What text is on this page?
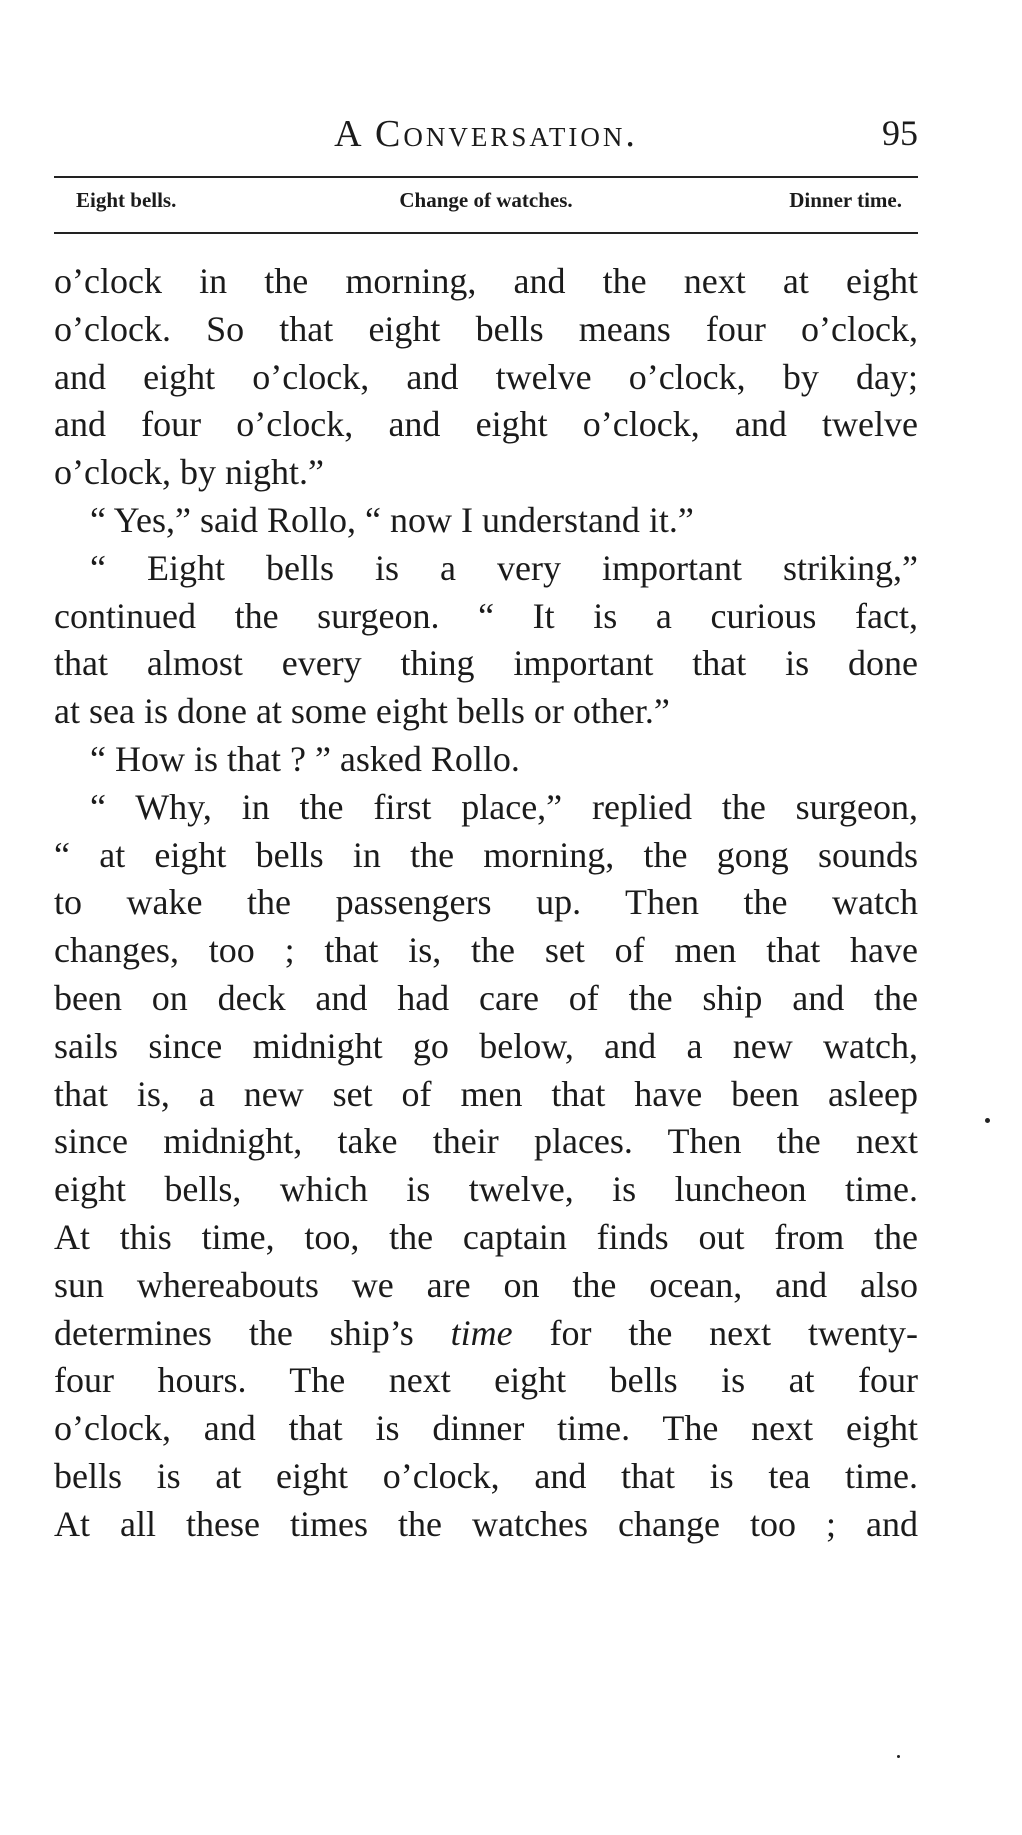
A Conversation.	95
Eight bells.	Change of watches.	Dinner time.
o’clock in the morning, and the next at eight
o’clock. So that eight bells means four o’clock,
and eight o’clock, and twelve o’clock, by day;
and four o’clock, and eight o’clock, and twelve
o’clock, by night.”
“ Yes,” said Rollo, “ now I understand it.”
“ Eight bells is a very important striking,”
continued the surgeon. “ It is a curious fact,
that almost every thing important that is done
at sea is done at some eight bells or other.”
“ How is that ? ” asked Rollo.
“ Why, in the first place,” replied the surgeon,
“ at eight bells in the morning, the gong sounds
to wake the passengers up. Then the watch
changes, too ; that is, the set of men that have
been on deck and had care of the ship and the
sails since midnight go below, and a new watch,
that is, a new set of men that have been asleep
since midnight, take their places. Then the next
eight bells, which is twelve, is luncheon time.
At this time, too, the captain finds out from the
sun whereabouts we are on the ocean, and also
determines the ship’s time for the next twenty-
four hours. The next eight bells is at four
o’clock, and that is dinner time. The next eight
bells is at eight o’clock, and that is tea time.
At all these times the watches change too ; and
